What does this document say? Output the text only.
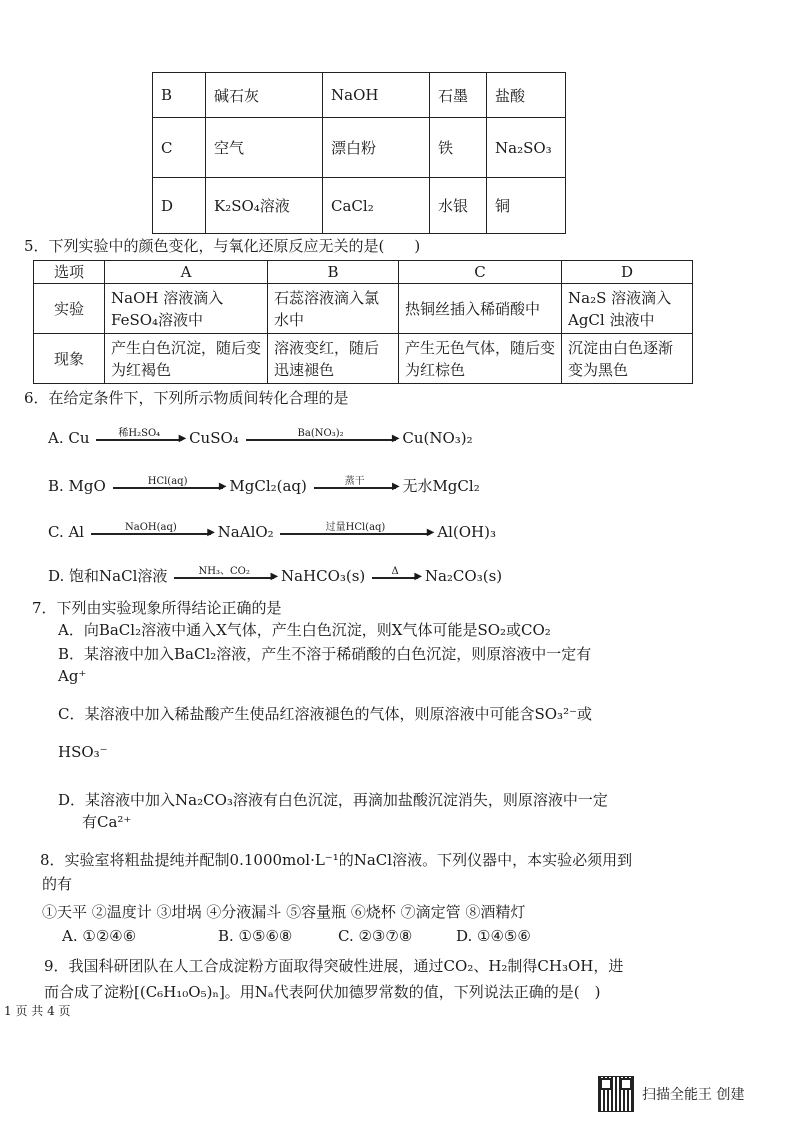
B	碱石灰	NaOH	石墨	盐酸
C	空气	漂白粉	铁	Na₂SO₃
D	K₂SO₄溶液	CaCl₂	水银	铜
5．下列实验中的颜色变化，与氧化还原反应无关的是(　　)
选项	A	B	C	D
实验	NaOH 溶液滴入FeSO₄溶液中	石蕊溶液滴入氯水中	热铜丝插入稀硝酸中	Na₂S 溶液滴入AgCl 浊液中
现象	产生白色沉淀，随后变为红褐色	溶液变红，随后迅速褪色	产生无色气体，随后变为红棕色	沉淀由白色逐渐变为黑色
6．在给定条件下，下列所示物质间转化合理的是
A. Cu	稀H₂SO₄	▶ CuSO₄	Ba(NO₃)₂	▶ Cu(NO₃)₂
B. MgO	HCl(aq)	▶ MgCl₂(aq)	蒸干	▶ 无水MgCl₂
C. Al	NaOH(aq)	▶ NaAlO₂	过量HCl(aq)	▶ Al(OH)₃
D. 饱和NaCl溶液	NH₃、CO₂	▶ NaHCO₃(s)	Δ	▶ Na₂CO₃(s)
7．下列由实验现象所得结论正确的是
A．向BaCl₂溶液中通入X气体，产生白色沉淀，则X气体可能是SO₂或CO₂
B．某溶液中加入BaCl₂溶液，产生不溶于稀硝酸的白色沉淀，则原溶液中一定有
Ag⁺
C．某溶液中加入稀盐酸产生使品红溶液褪色的气体，则原溶液中可能含SO₃²⁻或
HSO₃⁻
D．某溶液中加入Na₂CO₃溶液有白色沉淀，再滴加盐酸沉淀消失，则原溶液中一定
有Ca²⁺
8．实验室将粗盐提纯并配制0.1000mol·L⁻¹的NaCl溶液。下列仪器中，本实验必须用到
的有
①天平 ②温度计 ③坩埚 ④分液漏斗 ⑤容量瓶 ⑥烧杯 ⑦滴定管 ⑧酒精灯
A. ①②④⑥	B. ①⑤⑥⑧	C. ②③⑦⑧	D. ①④⑤⑥
9．我国科研团队在人工合成淀粉方面取得突破性进展，通过CO₂、H₂制得CH₃OH，进
而合成了淀粉[(C₆H₁₀O₅)ₙ]。用Nₐ代表阿伏加德罗常数的值，下列说法正确的是(　)
1 页 共 4 页
扫描全能王 创建
